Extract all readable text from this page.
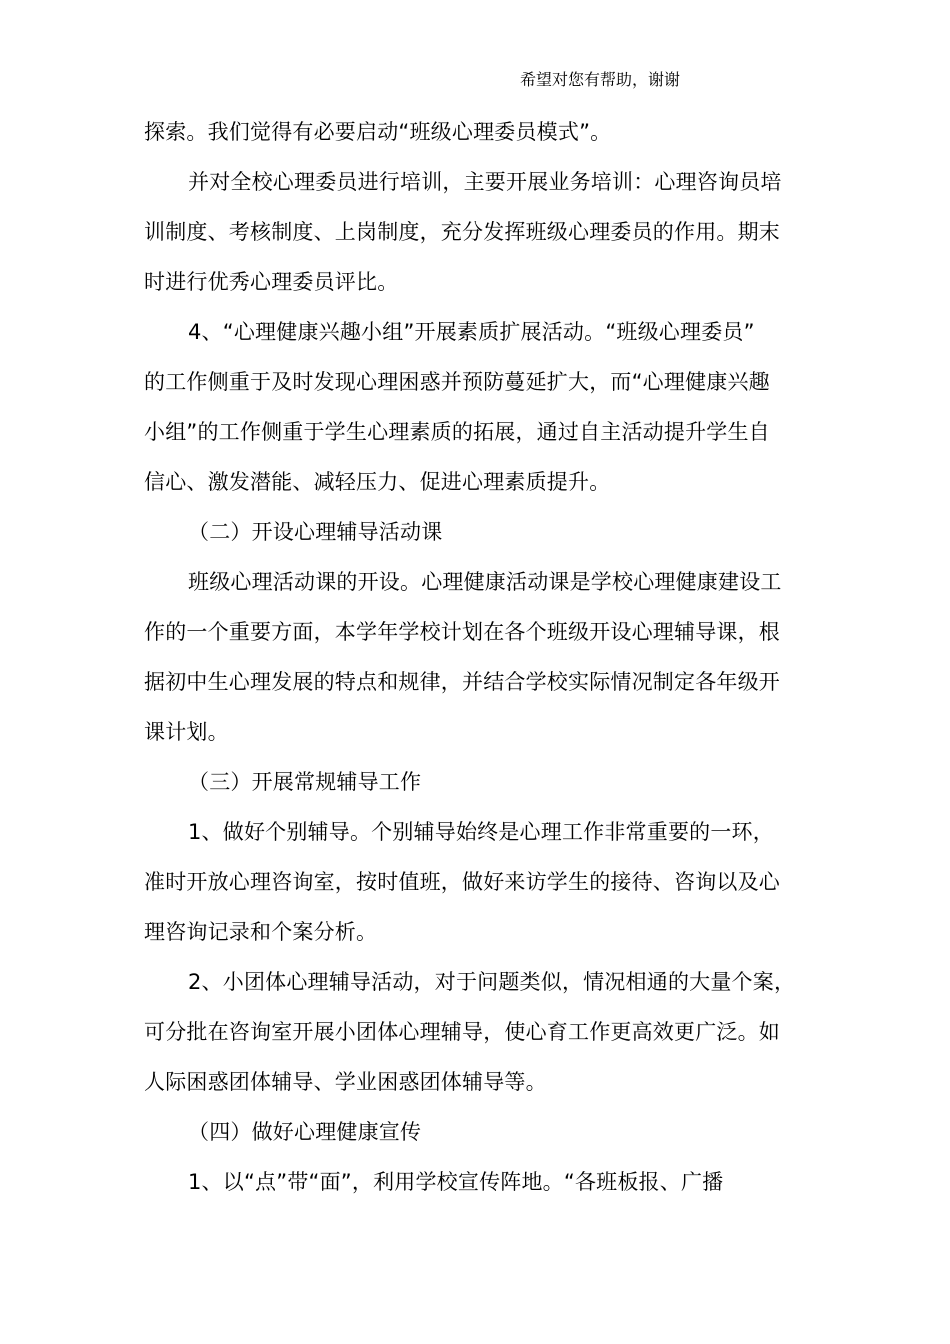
希望对您有帮助，谢谢
探索。我们觉得有必要启动“班级心理委员模式”。
并对全校心理委员进行培训，主要开展业务培训：心理咨询员培
训制度、考核制度、上岗制度，充分发挥班级心理委员的作用。期末
时进行优秀心理委员评比。
4、“心理健康兴趣小组”开展素质扩展活动。“班级心理委员”
的工作侧重于及时发现心理困惑并预防蔓延扩大，而“心理健康兴趣
小组”的工作侧重于学生心理素质的拓展，通过自主活动提升学生自
信心、激发潜能、减轻压力、促进心理素质提升。
（二）开设心理辅导活动课
班级心理活动课的开设。心理健康活动课是学校心理健康建设工
作的一个重要方面，本学年学校计划在各个班级开设心理辅导课，根
据初中生心理发展的特点和规律，并结合学校实际情况制定各年级开
课计划。
（三）开展常规辅导工作
1、做好个别辅导。个别辅导始终是心理工作非常重要的一环，
准时开放心理咨询室，按时值班，做好来访学生的接待、咨询以及心
理咨询记录和个案分析。
2、小团体心理辅导活动，对于问题类似，情况相通的大量个案，
可分批在咨询室开展小团体心理辅导，使心育工作更高效更广泛。如
人际困惑团体辅导、学业困惑团体辅导等。
（四）做好心理健康宣传
1、以“点”带“面”，利用学校宣传阵地。“各班板报、广播
